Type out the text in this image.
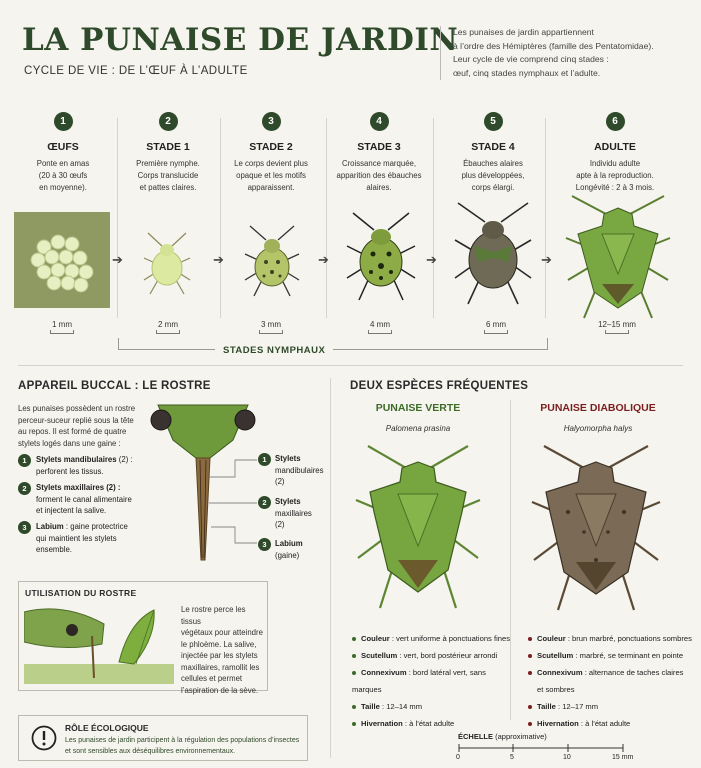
LA PUNAISE DE JARDIN
CYCLE DE VIE : DE L’ŒUF À L’ADULTE
Les punaises de jardin appartiennent
à l’ordre des Hémiptères (famille des Pentatomidae).
Leur cycle de vie comprend cinq stades :
œuf, cinq stades nymphaux et l’adulte.
1
ŒUFS
Ponte en amas
(20 à 30 œufs
en moyenne).
1 mm
2
STADE 1
Première nymphe.
Corps translucide
et pattes claires.
2 mm
3
STADE 2
Le corps devient plus
opaque et les motifs
apparaissent.
3 mm
4
STADE 3
Croissance marquée,
apparition des ébauches
alaires.
4 mm
5
STADE 4
Ébauches alaires
plus développées,
corps élargi.
6 mm
6
ADULTE
Individu adulte
apte à la reproduction.
Longévité : 2 à 3 mois.
12–15 mm
➔	➔	➔	➔	➔
STADES NYMPHAUX
APPAREIL BUCCAL : LE ROSTRE
Les punaises possèdent un rostre
perceur-suceur replié sous la tête
au repos. Il est formé de quatre
stylets logés dans une gaine :
1	Stylets mandibulaires (2) : perforent les tissus.
2	Stylets maxillaires (2) : forment le canal alimentaire et injectent la salive.
3	Labium : gaine protectrice qui maintient les stylets ensemble.
1	Stylets
mandibulaires
(2)
2	Stylets
maxillaires
(2)
3	Labium
(gaine)
UTILISATION DU ROSTRE
Le rostre perce les tissus
végétaux pour atteindre
le phloème. La salive,
injectée par les stylets
maxillaires, ramollit les
cellules et permet
l’aspiration de la sève.
RÔLE ÉCOLOGIQUE
Les punaises de jardin participent à la régulation des populations d’insectes
et sont sensibles aux déséquilibres environnementaux.
DEUX ESPÈCES FRÉQUENTES
PUNAISE VERTE
Palomena prasina
PUNAISE DIABOLIQUE
Halyomorpha halys
Couleur : vert uniforme à ponctuations fines
Scutellum : vert, bord postérieur arrondi
Connexivum : bord latéral vert, sans marques
Taille : 12–14 mm
Hivernation : à l’état adulte
Couleur : brun marbré, ponctuations sombres
Scutellum : marbré, se terminant en pointe
Connexivum : alternance de taches claires
et sombres
Taille : 12–17 mm
Hivernation : à l’état adulte
ÉCHELLE (approximative)
0	5	10	15 mm
